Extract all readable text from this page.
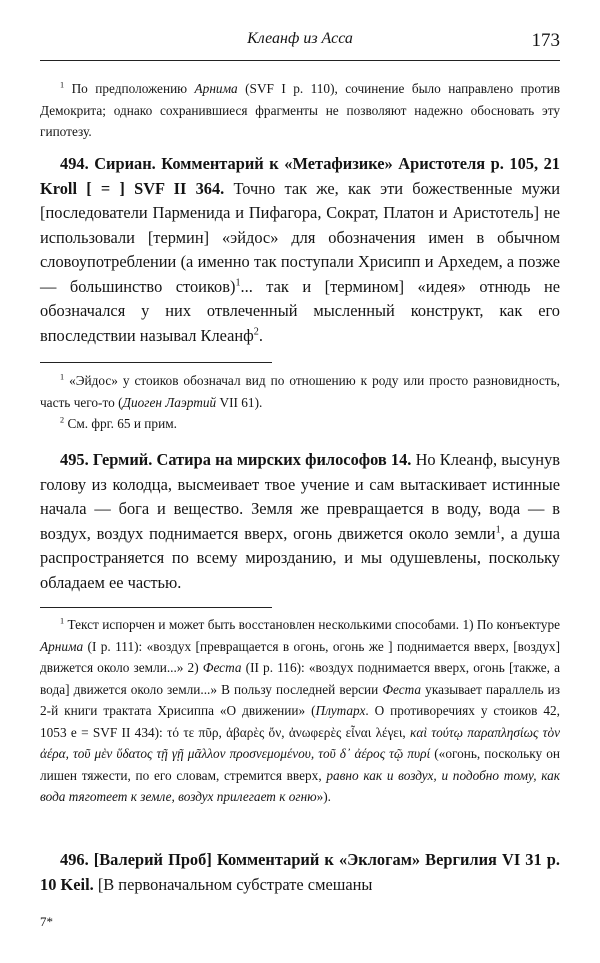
Клеанф из Асса	173

$^1$ По предположению Арнима (SVF I p. 110), сочинение было направлено против Демокрита; однако сохранившиеся фрагменты не позволяют надежно обосновать эту гипотезу.

494. Сириан. Комментарий к «Метафизике» Аристотеля р. 105, 21 Kroll [ = ] SVF II 364. Точно так же, как эти божественные мужи [последователи Парменида и Пифагора, Сократ, Платон и Аристотель] не использовали [термин] «эйдос» для обозначения имен в обычном словоупотреблении (а именно так поступали Хрисипп и Архедем, а позже — большинство стоиков)$^1$... так и [термином] «идея» отнюдь не обозначался у них отвлеченный мысленный конструкт, как его впоследствии называл Клеанф$^2$.

$^1$ «Эйдос» у стоиков обозначал вид по отношению к роду или просто разновидность, часть чего-то (Диоген Лаэртий VII 61).

$^2$ См. фрг. 65 и прим.

495. Гермий. Сатира на мирских философов 14. Но Клеанф, высунув голову из колодца, высмеивает твое учение и сам вытаскивает истинные начала — бога и вещество. Земля же превращается в воду, вода — в воздух, воздух поднимается вверх, огонь движется около земли$^1$, а душа распространяется по всему мирозданию, и мы одушевлены, поскольку обладаем ее частью.

$^1$ Текст испорчен и может быть восстановлен несколькими способами. 1) По конъектуре Арнима (I p. 111): «воздух [превращается в огонь, огонь же ] поднимается вверх, [воздух] движется около земли...» 2) Феста (II p. 116): «воздух поднимается вверх, огонь [также, а вода] движется около земли...» В пользу последней версии Феста указывает параллель из 2-й книги трактата Хрисиппа «О движении» (Плутарх. О противоречиях у стоиков 42, 1053 е = SVF II 434): τό τε πῦρ, ἀβαρὲς ὄν, ἀνωφερὲς εἶναι λέγει, καὶ τούτῳ παραπλησίως τὸν ἀέρα, τοῦ μὲν ὕδατος τῇ γῇ μᾶλλον προσνεμομένου, τοῦ δ᾽ ἀέρος τῷ πυρί («огонь, поскольку он лишен тяжести, по его словам, стремится вверх, равно как и воздух, и подобно тому, как вода тяготеет к земле, воздух прилегает к огню»).

496. [Валерий Проб] Комментарий к «Эклогам» Вергилия VI 31 р. 10 Keil. [В первоначальном субстрате смешаны

7*
